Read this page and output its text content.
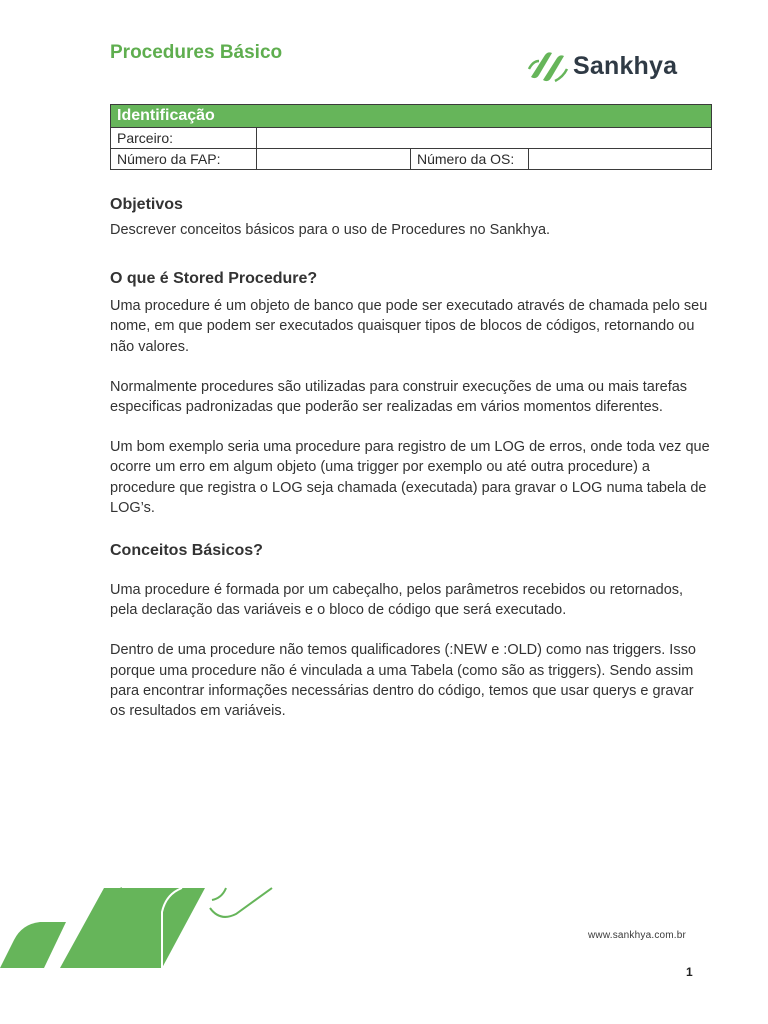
Procedures Básico	Sankhya
Identificação			
Parceiro:			
Número da FAP:		Número da OS:	
Objetivos

Descrever conceitos básicos para o uso de Procedures no Sankhya.

O que é Stored Procedure?

Uma procedure é um objeto de banco que pode ser executado através de chamada pelo seu nome, em que podem ser executados quaisquer tipos de blocos de códigos, retornando ou não valores.

Normalmente procedures são utilizadas para construir execuções de uma ou mais tarefas especificas padronizadas que poderão ser realizadas em vários momentos diferentes.

Um bom exemplo seria uma procedure para registro de um LOG de erros, onde toda vez que ocorre um erro em algum objeto (uma trigger por exemplo ou até outra procedure) a procedure que registra o LOG seja chamada (executada) para gravar o LOG numa tabela de LOG’s.

Conceitos Básicos?

Uma procedure é formada por um cabeçalho, pelos parâmetros recebidos ou retornados, pela declaração das variáveis e o bloco de código que será executado.

Dentro de uma procedure não temos qualificadores (:NEW e :OLD) como nas triggers. Isso porque uma procedure não é vinculada a uma Tabela (como são as triggers). Sendo assim para encontrar informações necessárias dentro do código, temos que usar querys e gravar os resultados em variáveis.

www.sankhya.com.br
1
